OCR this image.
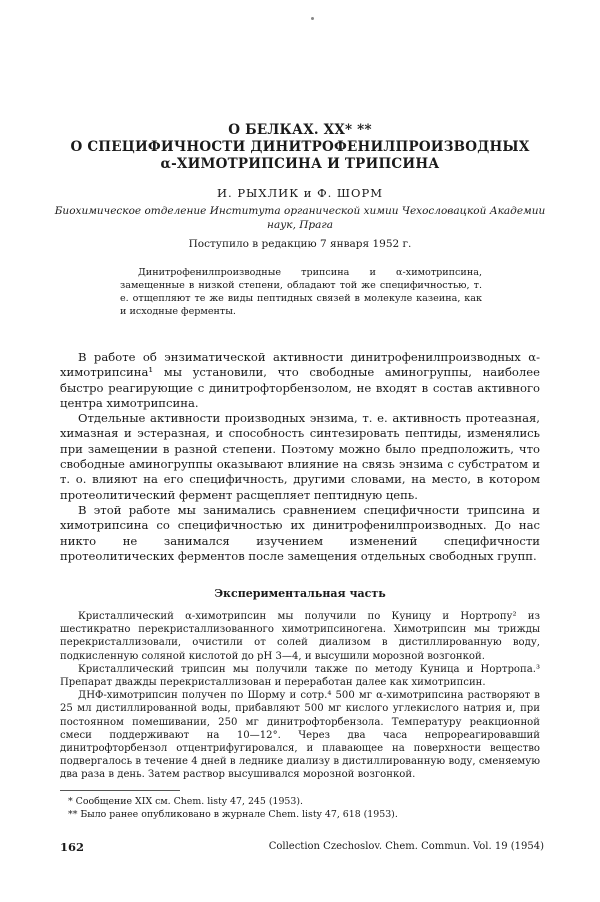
О БЕЛКАХ. XX* **
О СПЕЦИФИЧНОСТИ ДИНИТРОФЕНИЛПРОИЗВОДНЫХ
α-ХИМОТРИПСИНА И ТРИПСИНА
И. РЫХЛИК и Ф. ШОРМ
Биохимическое отделение Института органической химии Чехословацкой Академии наук, Прага
Поступило в редакцию 7 января 1952 г.

Динитрофенилпроизводные трипсина и α-химотрипсина, замещенные в низкой степени, обладают той же специфичностью, т. е. отщепляют те же виды пептидных связей в молекуле казеина, как и исходные ферменты.

В работе об энзиматической активности динитрофенилпроизводных α-химотрипсина¹ мы установили, что свободные аминогруппы, наиболее быстро реагирующие с динитрофторбензолом, не входят в состав активного центра химотрипсина.

Отдельные активности производных энзима, т. е. активность протеазная, химазная и эстеразная, и способность синтезировать пептиды, изменялись при замещении в разной степени. Поэтому можно было предположить, что свободные аминогруппы оказывают влияние на связь энзима с субстратом и т. о. влияют на его специфичность, другими словами, на место, в котором протеолитический фермент расщепляет пептидную цепь.

В этой работе мы занимались сравнением специфичности трипсина и химотрипсина со специфичностью их динитрофенилпроизводных. До нас никто не занимался изучением изменений специфичности протеолитических ферментов после замещения отдельных свободных групп.

Экспериментальная часть

Кристаллический α-химотрипсин мы получили по Куницу и Нортропу² из шестикратно перекристаллизованного химотрипсиногена. Химотрипсин мы трижды перекристаллизовали, очистили от солей диализом в дистиллированную воду, подкисленную соляной кислотой до pH 3—4, и высушили морозной возгонкой.

Кристаллический трипсин мы получили также по методу Куница и Нортропа.³ Препарат дважды перекристаллизован и переработан далее как химотрипсин.

ДНФ-химотрипсин получен по Шорму и сотр.⁴ 500 мг α-химотрипсина растворяют в 25 мл дистиллированной воды, прибавляют 500 мг кислого углекислого натрия и, при постоянном помешивании, 250 мг динитрофторбензола. Температуру реакционной смеси поддерживают на 10—12°. Через два часа непрореагировавший динитрофторбензол отцентрифугировался, и плавающее на поверхности вещество подвергалось в течение 4 дней в леднике диализу в дистиллированную воду, сменяемую два раза в день. Затем раствор высушивался морозной возгонкой.

* Сообщение XIX см. Chem. listy 47, 245 (1953).
** Было ранее опубликовано в журнале Chem. listy 47, 618 (1953).
162	Collection Czechoslov. Chem. Commun. Vol. 19 (1954)
